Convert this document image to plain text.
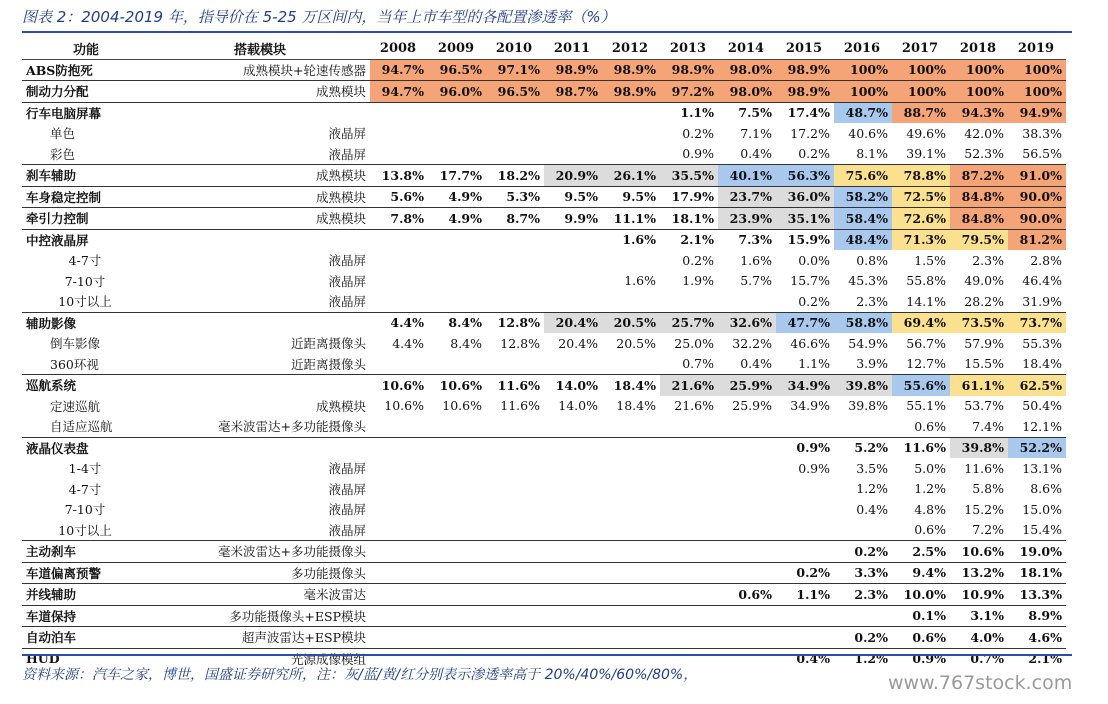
图表 2：2004-2019 年，指导价在 5-25 万区间内，当年上市车型的各配置渗透率（%）
功能	搭载模块	2008	2009	2010	2011	2012	2013	2014	2015	2016	2017	2018	2019
ABS防抱死	成熟模块+轮速传感器	94.7%	96.5%	97.1%	98.9%	98.9%	98.9%	98.0%	98.9%	100%	100%	100%	100%
制动力分配	成熟模块	94.7%	96.0%	96.5%	98.7%	98.9%	97.2%	98.0%	98.9%	100%	100%	100%	100%
行车电脑屏幕							1.1%	7.5%	17.4%	48.7%	88.7%	94.3%	94.9%
单色	液晶屏						0.2%	7.1%	17.2%	40.6%	49.6%	42.0%	38.3%
彩色	液晶屏						0.9%	0.4%	0.2%	8.1%	39.1%	52.3%	56.5%
刹车辅助	成熟模块	13.8%	17.7%	18.2%	20.9%	26.1%	35.5%	40.1%	56.3%	75.6%	78.8%	87.2%	91.0%
车身稳定控制	成熟模块	5.6%	4.9%	5.3%	9.5%	9.5%	17.9%	23.7%	36.0%	58.2%	72.5%	84.8%	90.0%
牵引力控制	成熟模块	7.8%	4.9%	8.7%	9.9%	11.1%	18.1%	23.9%	35.1%	58.4%	72.6%	84.8%	90.0%
中控液晶屏						1.6%	2.1%	7.3%	15.9%	48.4%	71.3%	79.5%	81.2%
4-7寸	液晶屏						0.2%	1.6%	0.0%	0.8%	1.5%	2.3%	2.8%
7-10寸	液晶屏					1.6%	1.9%	5.7%	15.7%	45.3%	55.8%	49.0%	46.4%
10寸以上	液晶屏								0.2%	2.3%	14.1%	28.2%	31.9%
辅助影像		4.4%	8.4%	12.8%	20.4%	20.5%	25.7%	32.6%	47.7%	58.8%	69.4%	73.5%	73.7%
倒车影像	近距离摄像头	4.4%	8.4%	12.8%	20.4%	20.5%	25.0%	32.2%	46.6%	54.9%	56.7%	57.9%	55.3%
360环视	近距离摄像头						0.7%	0.4%	1.1%	3.9%	12.7%	15.5%	18.4%
巡航系统		10.6%	10.6%	11.6%	14.0%	18.4%	21.6%	25.9%	34.9%	39.8%	55.6%	61.1%	62.5%
定速巡航	成熟模块	10.6%	10.6%	11.6%	14.0%	18.4%	21.6%	25.9%	34.9%	39.8%	55.1%	53.7%	50.4%
自适应巡航	毫米波雷达+多功能摄像头										0.6%	7.4%	12.1%
液晶仪表盘									0.9%	5.2%	11.6%	39.8%	52.2%
1-4寸	液晶屏								0.9%	3.5%	5.0%	11.6%	13.1%
4-7寸	液晶屏									1.2%	1.2%	5.8%	8.6%
7-10寸	液晶屏									0.4%	4.8%	15.2%	15.0%
10寸以上	液晶屏										0.6%	7.2%	15.4%
主动刹车	毫米波雷达+多功能摄像头									0.2%	2.5%	10.6%	19.0%
车道偏离预警	多功能摄像头								0.2%	3.3%	9.4%	13.2%	18.1%
并线辅助	毫米波雷达							0.6%	1.1%	2.3%	10.0%	10.9%	13.3%
车道保持	多功能摄像头+ESP模块										0.1%	3.1%	8.9%
自动泊车	超声波雷达+ESP模块									0.2%	0.6%	4.0%	4.6%
HUD	光源成像模组								0.4%	1.2%	0.9%	0.7%	2.1%
资料来源：汽车之家，博世，国盛证券研究所，注：灰/蓝/黄/红分别表示渗透率高于 20%/40%/60%/80%，	www.767stock.com
